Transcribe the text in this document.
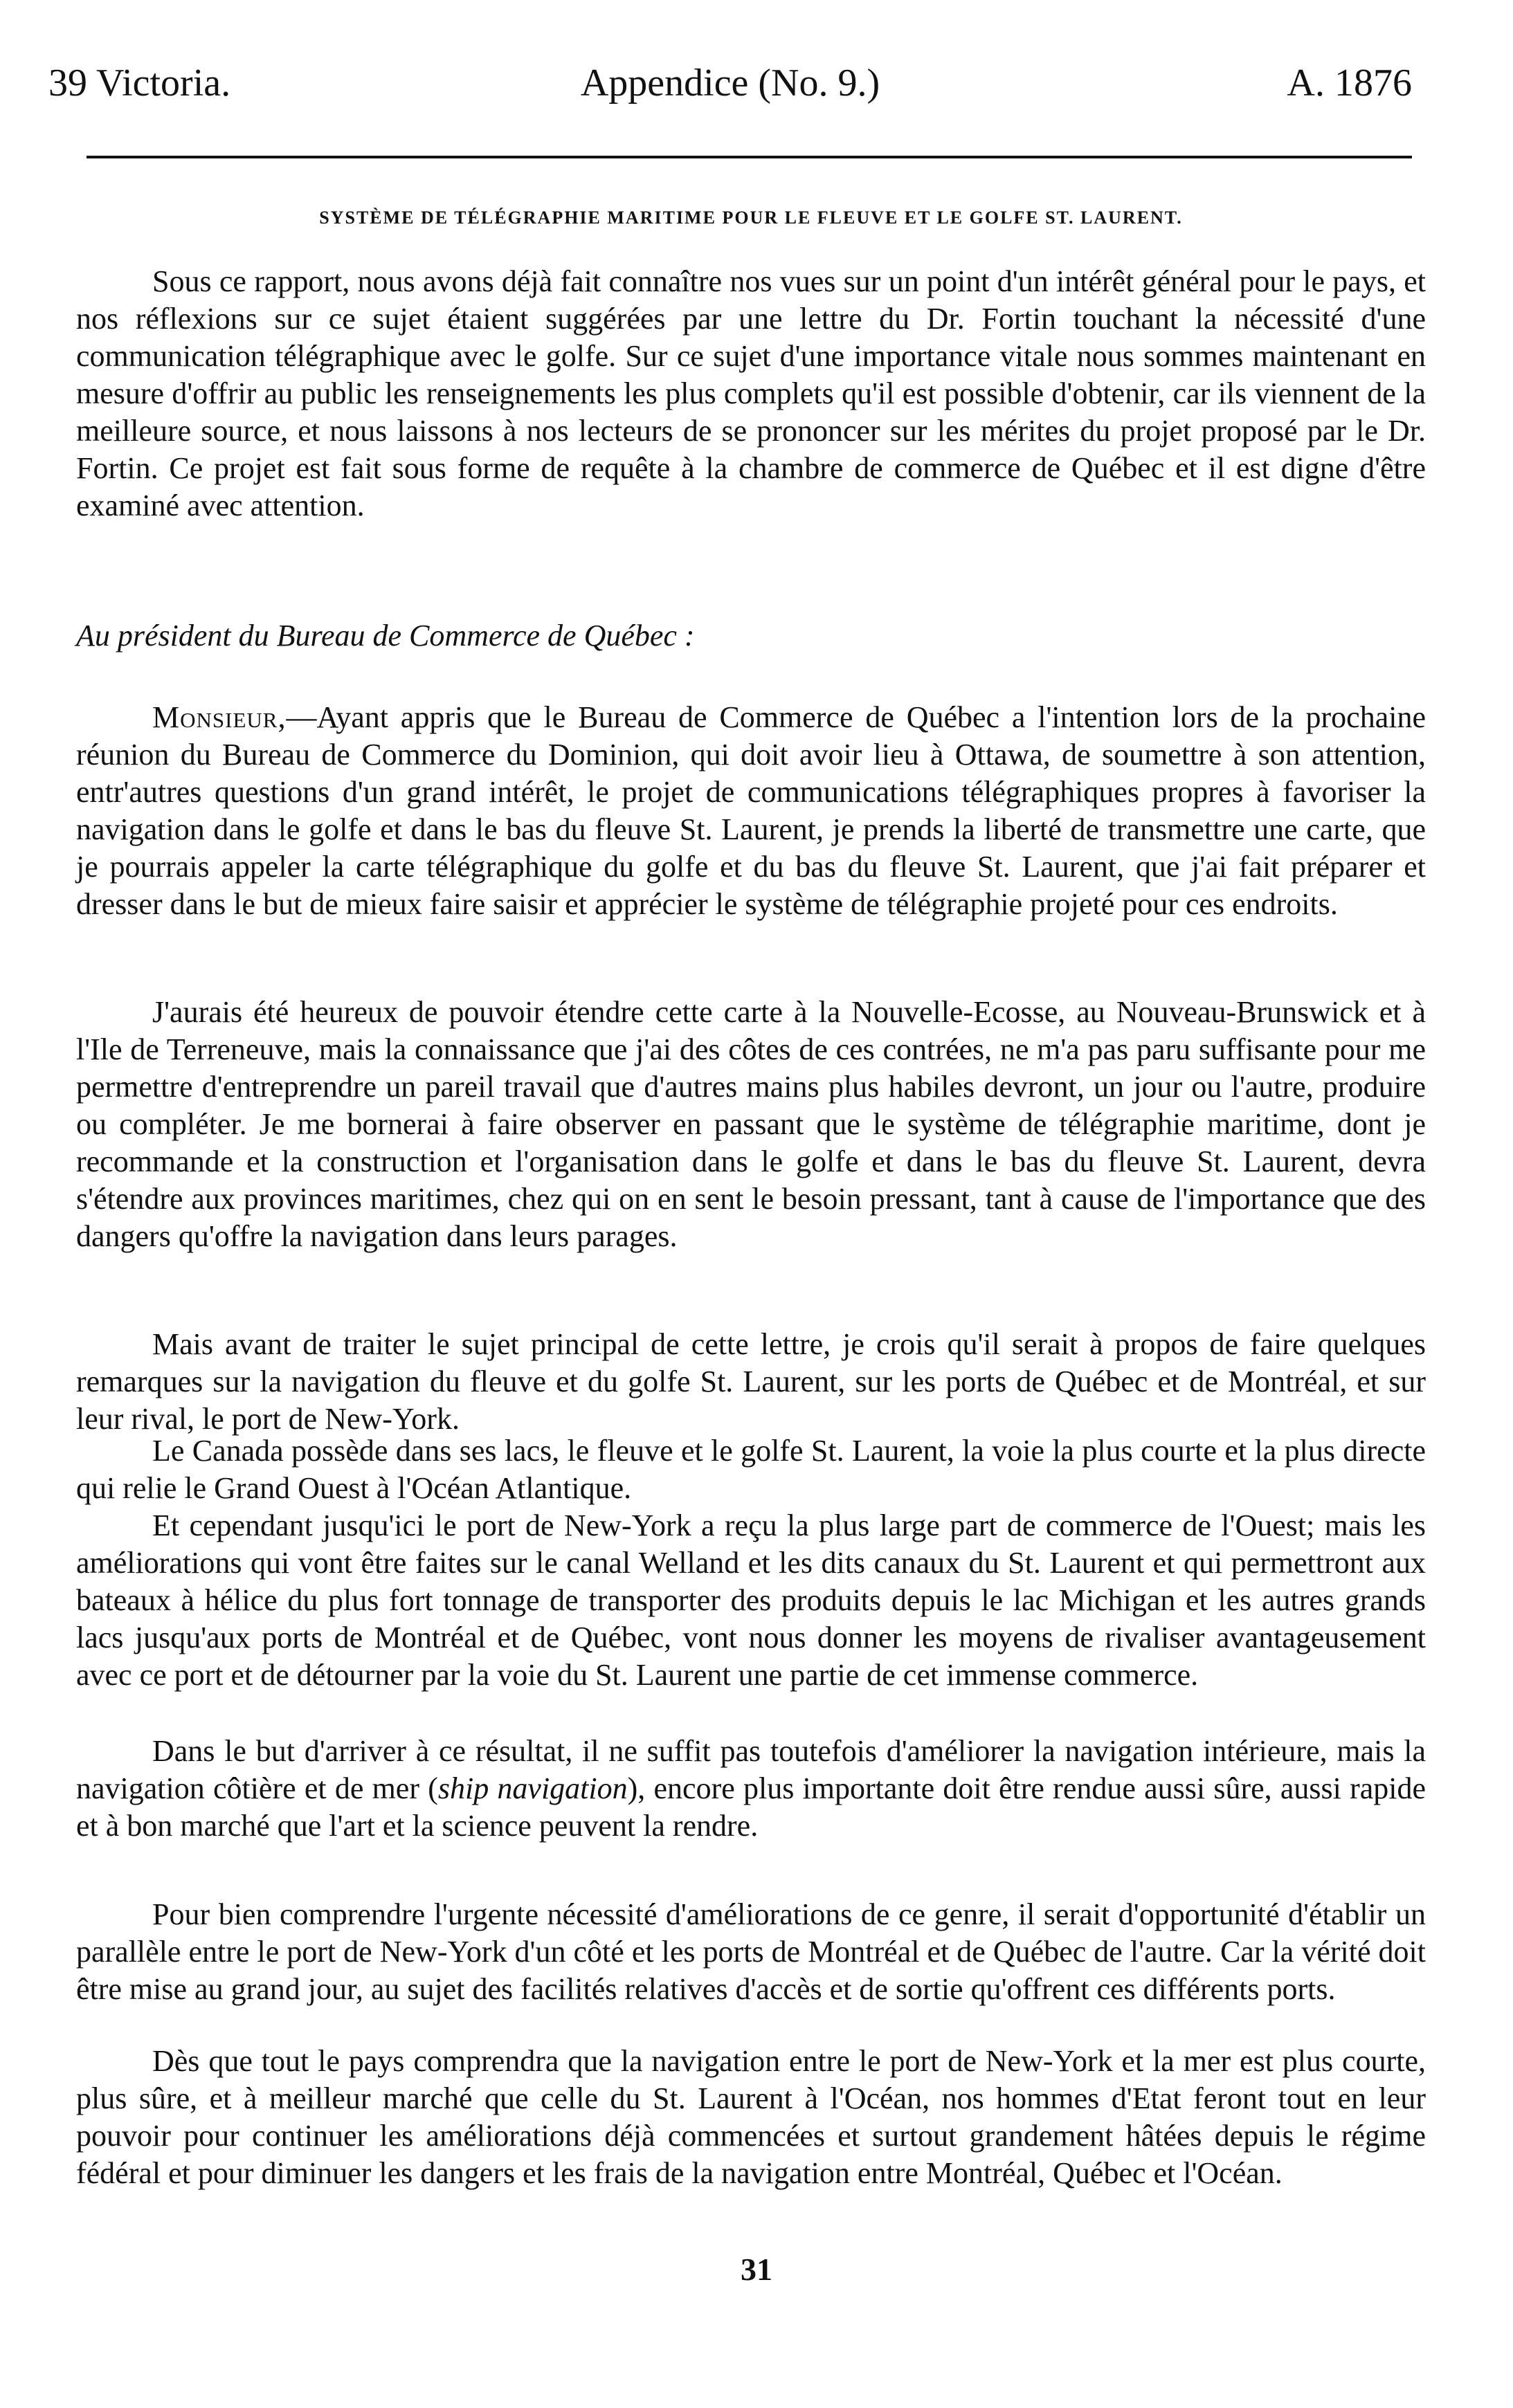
39 Victoria.	Appendice (No. 9.)	A. 1876
SYSTÈME DE TÉLÉGRAPHIE MARITIME POUR LE FLEUVE ET LE GOLFE ST. LAURENT.

Sous ce rapport, nous avons déjà fait connaître nos vues sur un point d'un intérêt général pour le pays, et nos réflexions sur ce sujet étaient suggérées par une lettre du Dr. Fortin touchant la nécessité d'une communication télégraphique avec le golfe. Sur ce sujet d'une importance vitale nous sommes maintenant en mesure d'offrir au public les renseignements les plus complets qu'il est possible d'obtenir, car ils viennent de la meilleure source, et nous laissons à nos lecteurs de se prononcer sur les mérites du projet proposé par le Dr. Fortin. Ce projet est fait sous forme de requête à la chambre de commerce de Québec et il est digne d'être examiné avec attention.

Au président du Bureau de Commerce de Québec :

Monsieur,—Ayant appris que le Bureau de Commerce de Québec a l'intention lors de la prochaine réunion du Bureau de Commerce du Dominion, qui doit avoir lieu à Ottawa, de soumettre à son attention, entr'autres questions d'un grand intérêt, le projet de communications télégraphiques propres à favoriser la navigation dans le golfe et dans le bas du fleuve St. Laurent, je prends la liberté de transmettre une carte, que je pourrais appeler la carte télégraphique du golfe et du bas du fleuve St. Laurent, que j'ai fait préparer et dresser dans le but de mieux faire saisir et apprécier le système de télégraphie projeté pour ces endroits.

J'aurais été heureux de pouvoir étendre cette carte à la Nouvelle-Ecosse, au Nouveau-Brunswick et à l'Ile de Terreneuve, mais la connaissance que j'ai des côtes de ces contrées, ne m'a pas paru suffisante pour me permettre d'entreprendre un pareil travail que d'autres mains plus habiles devront, un jour ou l'autre, produire ou compléter. Je me bornerai à faire observer en passant que le système de télégraphie maritime, dont je recommande et la construction et l'organisation dans le golfe et dans le bas du fleuve St. Laurent, devra s'étendre aux provinces maritimes, chez qui on en sent le besoin pressant, tant à cause de l'importance que des dangers qu'offre la navigation dans leurs parages.

Mais avant de traiter le sujet principal de cette lettre, je crois qu'il serait à propos de faire quelques remarques sur la navigation du fleuve et du golfe St. Laurent, sur les ports de Québec et de Montréal, et sur leur rival, le port de New-York.

Le Canada possède dans ses lacs, le fleuve et le golfe St. Laurent, la voie la plus courte et la plus directe qui relie le Grand Ouest à l'Océan Atlantique.

Et cependant jusqu'ici le port de New-York a reçu la plus large part de commerce de l'Ouest; mais les améliorations qui vont être faites sur le canal Welland et les dits canaux du St. Laurent et qui permettront aux bateaux à hélice du plus fort tonnage de transporter des produits depuis le lac Michigan et les autres grands lacs jusqu'aux ports de Montréal et de Québec, vont nous donner les moyens de rivaliser avantageusement avec ce port et de détourner par la voie du St. Laurent une partie de cet immense commerce.

Dans le but d'arriver à ce résultat, il ne suffit pas toutefois d'améliorer la navigation intérieure, mais la navigation côtière et de mer (ship navigation), encore plus importante doit être rendue aussi sûre, aussi rapide et à bon marché que l'art et la science peuvent la rendre.

Pour bien comprendre l'urgente nécessité d'améliorations de ce genre, il serait d'opportunité d'établir un parallèle entre le port de New-York d'un côté et les ports de Montréal et de Québec de l'autre. Car la vérité doit être mise au grand jour, au sujet des facilités relatives d'accès et de sortie qu'offrent ces différents ports.

Dès que tout le pays comprendra que la navigation entre le port de New-York et la mer est plus courte, plus sûre, et à meilleur marché que celle du St. Laurent à l'Océan, nos hommes d'Etat feront tout en leur pouvoir pour continuer les améliorations déjà commencées et surtout grandement hâtées depuis le régime fédéral et pour diminuer les dangers et les frais de la navigation entre Montréal, Québec et l'Océan.

31
